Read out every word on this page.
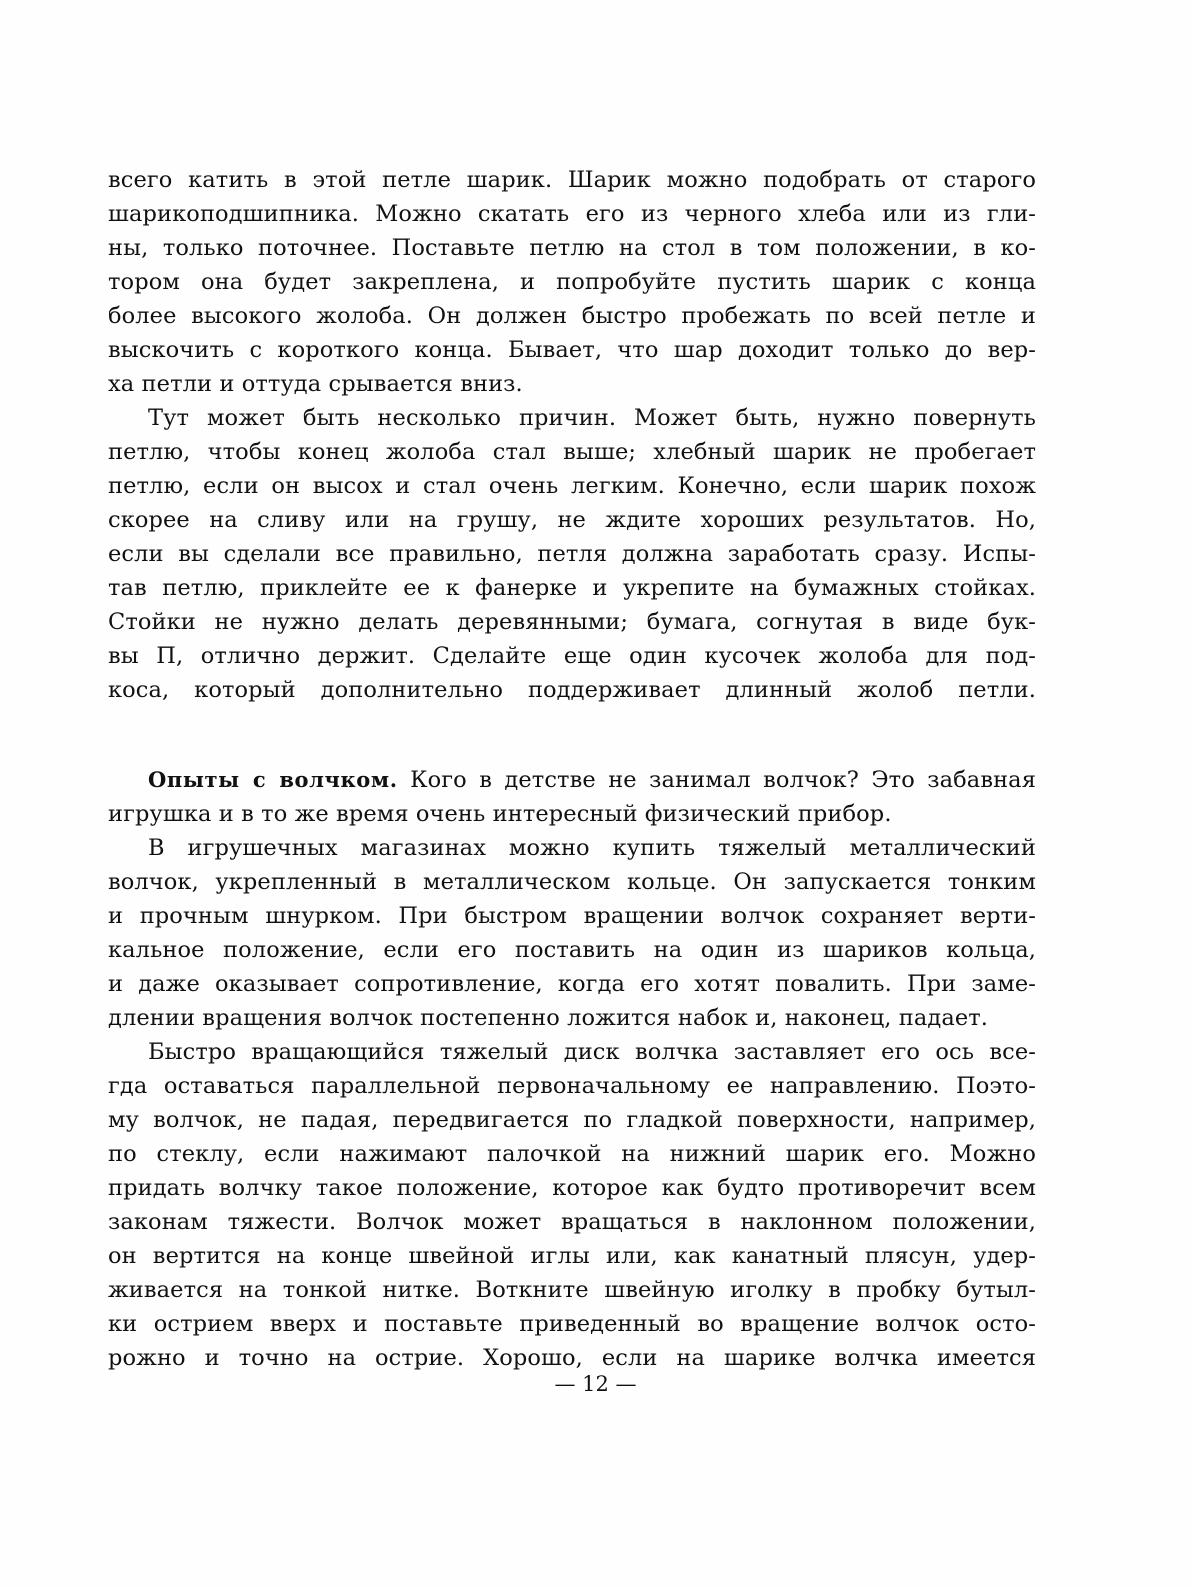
всего катить в этой петле шарик. Шарик можно подобрать от старого
шарикоподшипника. Можно скатать его из черного хлеба или из гли-
ны, только поточнее. Поставьте петлю на стол в том положении, в ко-
тором она будет закреплена, и попробуйте пустить шарик с конца
более высокого жолоба. Он должен быстро пробежать по всей петле и
выскочить с короткого конца. Бывает, что шар доходит только до вер-
ха петли и оттуда срывается вниз.
Тут может быть несколько причин. Может быть, нужно повернуть
петлю, чтобы конец жолоба стал выше; хлебный шарик не пробегает
петлю, если он высох и стал очень легким. Конечно, если шарик похож
скорее на сливу или на грушу, не ждите хороших результатов. Но,
если вы сделали все правильно, петля должна заработать сразу. Испы-
тав петлю, приклейте ее к фанерке и укрепите на бумажных стойках.
Стойки не нужно делать деревянными; бумага, согнутая в виде бук-
вы П, отлично держит. Сделайте еще один кусочек жолоба для под-
коса, который дополнительно поддерживает длинный жолоб петли.
Опыты с волчком. Кого в детстве не занимал волчок? Это забавная
игрушка и в то же время очень интересный физический прибор.
В игрушечных магазинах можно купить тяжелый металлический
волчок, укрепленный в металлическом кольце. Он запускается тонким
и прочным шнурком. При быстром вращении волчок сохраняет верти-
кальное положение, если его поставить на один из шариков кольца,
и даже оказывает сопротивление, когда его хотят повалить. При заме-
длении вращения волчок постепенно ложится набок и, наконец, падает.
Быстро вращающийся тяжелый диск волчка заставляет его ось все-
гда оставаться параллельной первоначальному ее направлению. Поэто-
му волчок, не падая, передвигается по гладкой поверхности, например,
по стеклу, если нажимают палочкой на нижний шарик его. Можно
придать волчку такое положение, которое как будто противоречит всем
законам тяжести. Волчок может вращаться в наклонном положении,
он вертится на конце швейной иглы или, как канатный плясун, удер-
живается на тонкой нитке. Воткните швейную иголку в пробку бутыл-
ки острием вверх и поставьте приведенный во вращение волчок осто-
рожно и точно на острие. Хорошо, если на шарике волчка имеется
— 12 —
